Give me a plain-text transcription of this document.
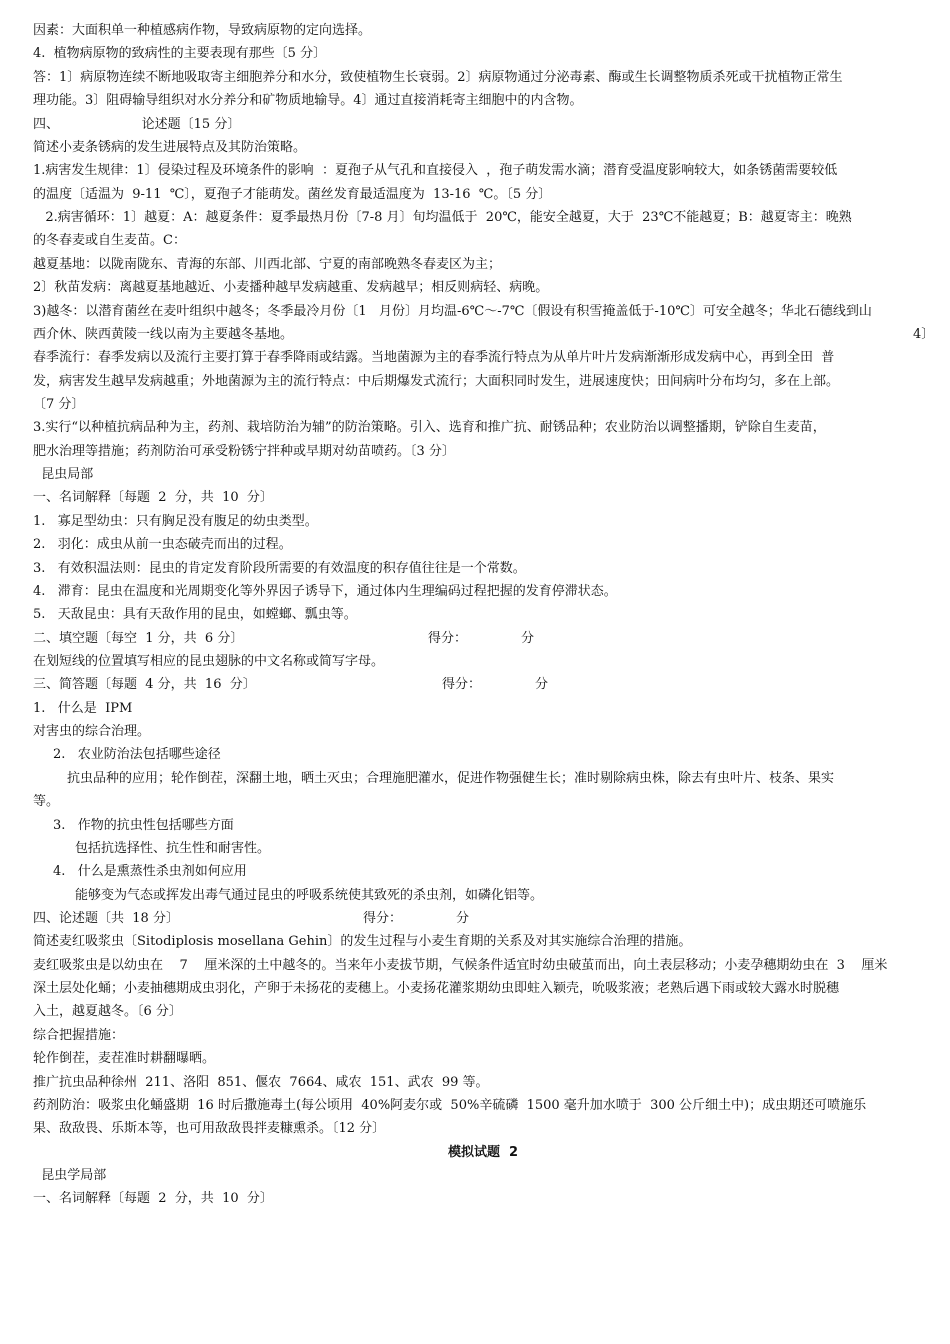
因素：大面积单一种植感病作物，导致病原物的定向选择。
4.  植物病原物的致病性的主要表现有那些〔5 分〕
答：1〕病原物连续不断地吸取寄主细胞养分和水分，致使植物生长衰弱。2〕病原物通过分泌毒素、酶或生长调整物质杀死或干扰植物正常生
理功能。3〕阻碍输导组织对水分养分和矿物质地输导。4〕通过直接消耗寄主细胞中的内含物。
四、                    论述题〔15 分〕
简述小麦条锈病的发生进展特点及其防治策略。
1.病害发生规律：1〕侵染过程及环境条件的影响  ：夏孢子从气孔和直接侵入  ，孢子萌发需水滴；潜育受温度影响较大，如条锈菌需要较低
的温度〔适温为  9-11  ℃〕，夏孢子才能萌发。菌丝发育最适温度为  13-16  ℃。〔5 分〕
2.病害循环：1〕越夏：A：越夏条件：夏季最热月份〔7-8 月〕旬均温低于  20℃，能安全越夏，大于  23℃不能越夏；B：越夏寄主：晚熟
的冬春麦或自生麦苗。C：
越夏基地：以陇南陇东、青海的东部、川西北部、宁夏的南部晚熟冬春麦区为主；
2〕秋苗发病：离越夏基地越近、小麦播种越早发病越重、发病越早；相反则病轻、病晚。
3)越冬：以潜育菌丝在麦叶组织中越冬；冬季最冷月份〔1   月份〕月均温-6℃～-7℃〔假设有积雪掩盖低于-10℃〕可安全越冬；华北石德线到山
西介休、陕西黄陵一线以南为主要越冬基地。	4〕
春季流行：春季发病以及流行主要打算于春季降雨或结露。当地菌源为主的春季流行特点为从单片叶片发病渐渐形成发病中心，再到全田  普
发，病害发生越早发病越重；外地菌源为主的流行特点：中后期爆发式流行；大面积同时发生，进展速度快；田间病叶分布均匀，多在上部。
〔7 分〕
3.实行“以种植抗病品种为主，药剂、栽培防治为辅”的防治策略。引入、选育和推广抗、耐锈品种；农业防治以调整播期，铲除自生麦苗，
肥水治理等措施；药剂防治可承受粉锈宁拌种或早期对幼苗喷药。〔3 分〕
昆虫局部
一、名词解释〔每题  2  分，共  10  分〕
1.   寡足型幼虫：只有胸足没有腹足的幼虫类型。
2.   羽化：成虫从前一虫态破壳而出的过程。
3.   有效积温法则：昆虫的肯定发育阶段所需要的有效温度的积存值往往是一个常数。
4.   滞育：昆虫在温度和光周期变化等外界因子诱导下，通过体内生理编码过程把握的发育停滞状态。
5.   天敌昆虫：具有天敌作用的昆虫，如螳螂、瓢虫等。
二、填空题〔每空  1 分，共  6 分〕	得分：	分
在划短线的位置填写相应的昆虫翅脉的中文名称或简写字母。
三、简答题〔每题  4 分，共  16  分〕	得分：	分
1.   什么是  IPM
对害虫的综合治理。
2.   农业防治法包括哪些途径
抗虫品种的应用；轮作倒茬，深翻土地，晒土灭虫；合理施肥灌水，促进作物强健生长；准时剔除病虫株，除去有虫叶片、枝条、果实
等。
3.   作物的抗虫性包括哪些方面
包括抗选择性、抗生性和耐害性。
4.   什么是熏蒸性杀虫剂如何应用
能够变为气态或挥发出毒气通过昆虫的呼吸系统使其致死的杀虫剂，如磷化铝等。
四、论述题〔共  18 分〕	得分：	分
简述麦红吸浆虫〔Sitodiplosis mosellana Gehin〕的发生过程与小麦生育期的关系及对其实施综合治理的措施。
麦红吸浆虫是以幼虫在    7    厘米深的土中越冬的。当来年小麦拔节期，气候条件适宜时幼虫破茧而出，向土表层移动；小麦孕穗期幼虫在  3    厘米
深土层处化蛹；小麦抽穗期成虫羽化，产卵于未扬花的麦穗上。小麦扬花灌浆期幼虫即蛀入颖壳，吮吸浆液；老熟后遇下雨或较大露水时脱穗
入土，越夏越冬。〔6 分〕
综合把握措施：
轮作倒茬，麦茬准时耕翻曝晒。
推广抗虫品种徐州  211、洛阳  851、偃农  7664、咸农  151、武农  99 等。
药剂防治：吸浆虫化蛹盛期  16 时后撒施毒土(每公顷用  40%阿麦尔或  50%辛硫磷  1500 毫升加水喷于  300 公斤细土中)；成虫期还可喷施乐
果、敌敌畏、乐斯本等，也可用敌敌畏拌麦糠熏杀。〔12 分〕
模拟试题  2
昆虫学局部
一、名词解释〔每题  2  分，共  10  分〕
